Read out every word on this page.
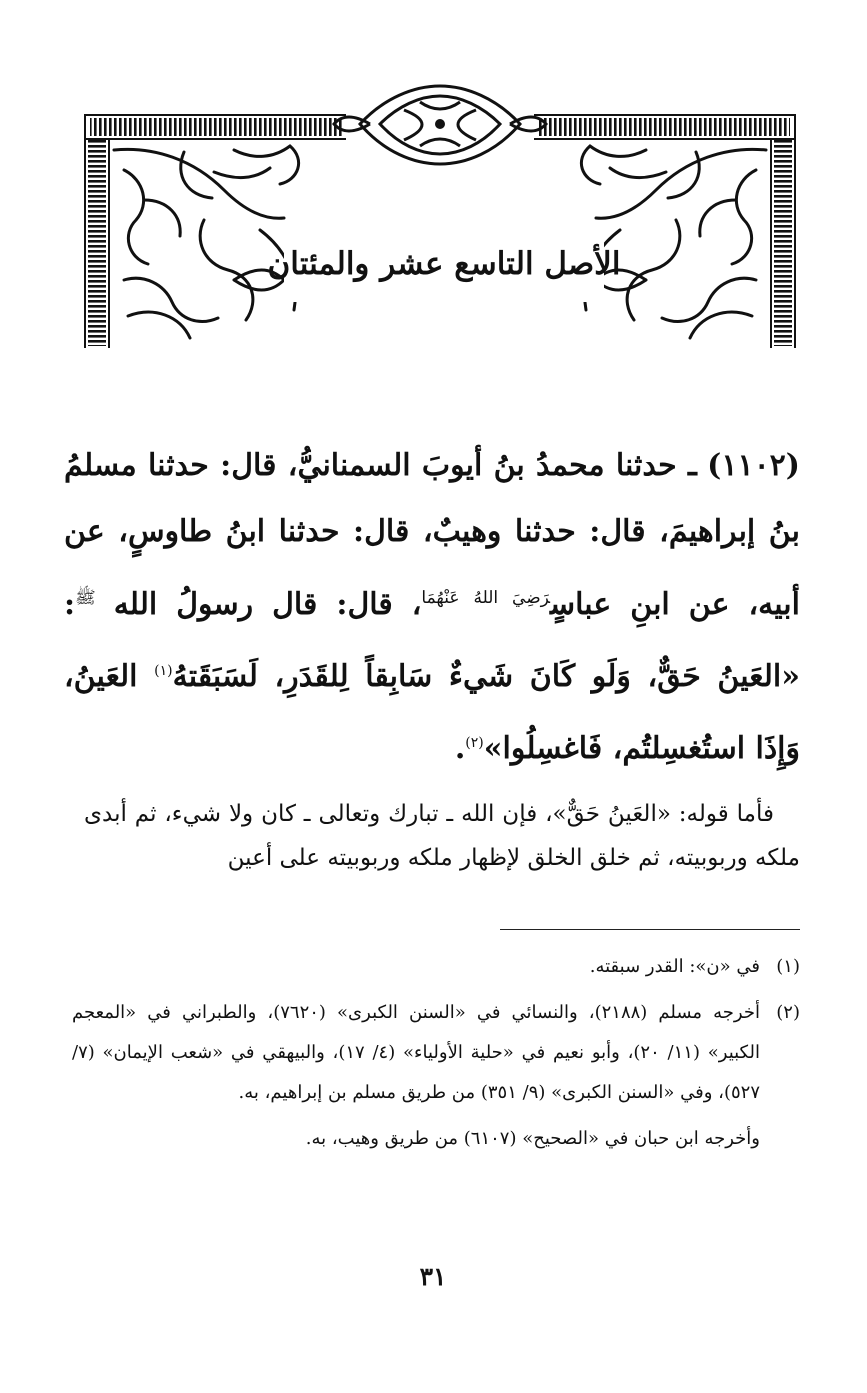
الأصل التاسع عشر والمئتان
(١١٠٢) ـ حدثنا محمدُ بنُ أيوبَ السمنانيُّ، قال: حدثنا مسلمُ بنُ إبراهيمَ، قال: حدثنا وهيبٌ، قال: حدثنا ابنُ طاوسٍ، عن أبيه، عن ابنِ عباسٍ$^{رَضِيَ اللهُ عَنْهُمَا}$، قال: قال رسولُ الله $^ﷺ$: «العَينُ حَقٌّ، وَلَو كَانَ شَيءٌ سَابِقاً لِلقَدَرِ، لَسَبَقَتهُ$^{(١)}$ العَينُ، وَإِذَا استُغسِلتُم، فَاغسِلُوا»$^{(٢)}$.
فأما قوله: «العَينُ حَقٌّ»، فإن الله ـ تبارك وتعالى ـ كان ولا شيء، ثم أبدى ملكه وربوبيته، ثم خلق الخلق لإظهار ملكه وربوبيته على أعين
(١)
في «ن»: القدر سبقته.
(٢)
أخرجه مسلم (٢١٨٨)، والنسائي في «السنن الكبرى» (٧٦٢٠)، والطبراني في «المعجم الكبير» (١١/ ٢٠)، وأبو نعيم في «حلية الأولياء» (٤/ ١٧)، والبيهقي في «شعب الإيمان» (٧/ ٥٢٧)، وفي «السنن الكبرى» (٩/ ٣٥١) من طريق مسلم بن إبراهيم، به.
وأخرجه ابن حبان في «الصحيح» (٦١٠٧) من طريق وهيب، به.
٣١
